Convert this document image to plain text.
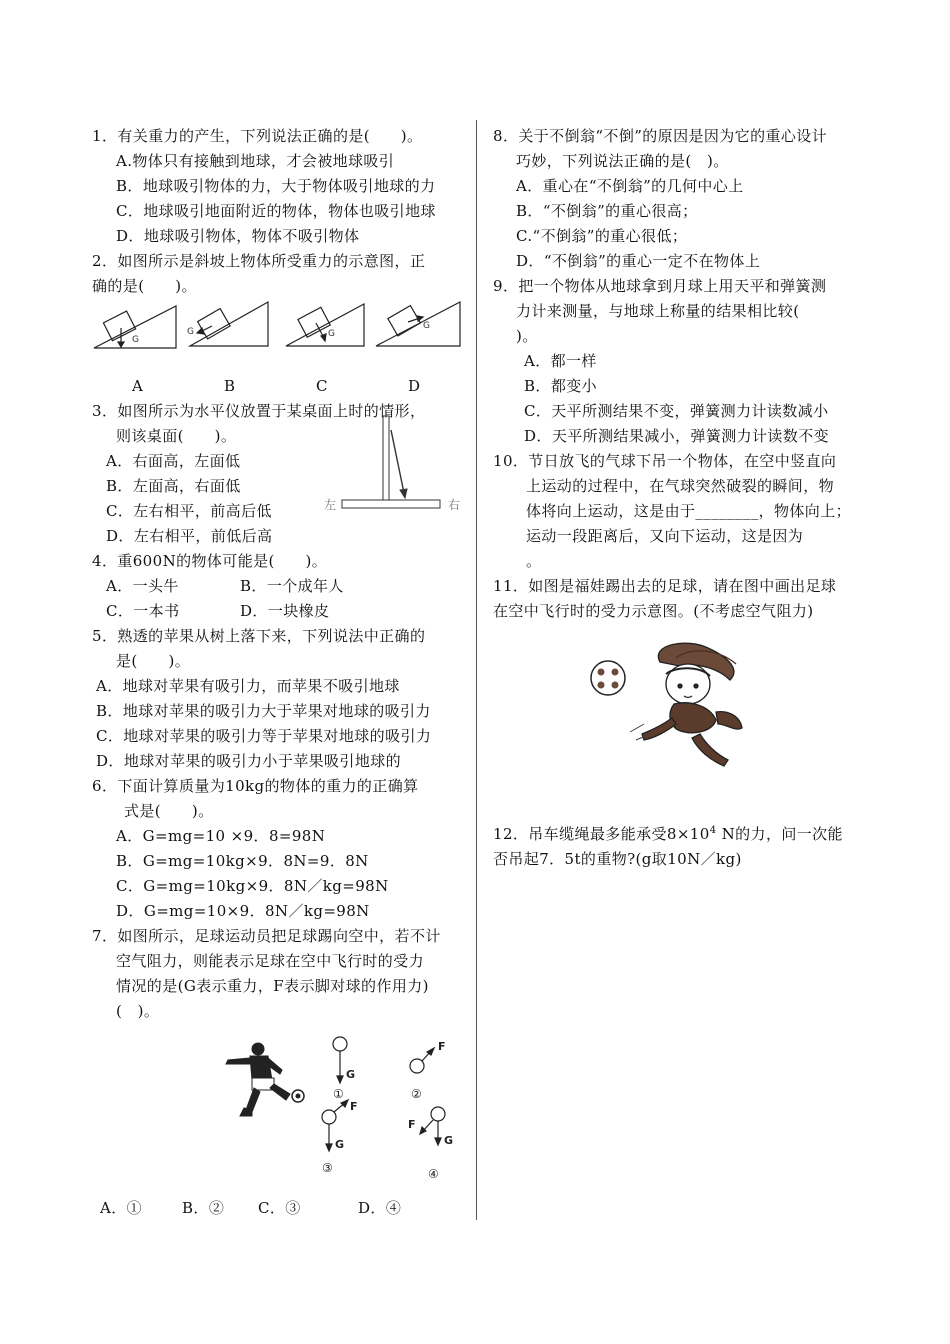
1．有关重力的产生，下列说法正确的是(　　)。
A.物体只有接触到地球，才会被地球吸引
B．地球吸引物体的力，大于物体吸引地球的力
C．地球吸引地面附近的物体，物体也吸引地球
D．地球吸引物体，物体不吸引物体
2．如图所示是斜坡上物体所受重力的示意图，正
确的是(　　)。
G
G	G
G
A	B	C	D
3．如图所示为水平仪放置于某桌面上时的情形，
则该桌面(　　)。
A．右面高，左面低
B．左面高，右面低
C．左右相平，前高后低
D．左右相平，前低后高
左	右
4．重600N的物体可能是(　　)。
A．一头牛	B．一个成年人
C．一本书	D．一块橡皮
5．熟透的苹果从树上落下来，下列说法中正确的
是(　　)。
A．地球对苹果有吸引力，而苹果不吸引地球
B．地球对苹果的吸引力大于苹果对地球的吸引力
C．地球对苹果的吸引力等于苹果对地球的吸引力
D．地球对苹果的吸引力小于苹果吸引地球的
6．下面计算质量为10kg的物体的重力的正确算
式是(　　)。
A．G=mg=10 ×9．8=98N
B．G=mg=10kg×9．8N=9．8N
C．G=mg=10kg×9．8N／kg=98N
D．G=mg=10×9．8N／kg=98N
7．如图所示，足球运动员把足球踢向空中，若不计
空气阻力，则能表示足球在空中飞行时的受力
情况的是(G表示重力，F表示脚对球的作用力)
(　)。
G
F
F
G
F
G
①	②
③	④
A．①	B．② C．③	D．④
8．关于不倒翁“不倒”的原因是因为它的重心设计
巧妙，下列说法正确的是(　)。
A．重心在“不倒翁”的几何中心上
B．“不倒翁”的重心很高；
C.“不倒翁”的重心很低；
D．“不倒翁”的重心一定不在物体上
9．把一个物体从地球拿到月球上用天平和弹簧测
力计来测量，与地球上称量的结果相比较(
)。
A．都一样
B．都变小
C．天平所测结果不变，弹簧测力计读数减小
D．天平所测结果减小，弹簧测力计读数不变
10．节日放飞的气球下吊一个物体，在空中竖直向
上运动的过程中，在气球突然破裂的瞬间，物
体将向上运动，这是由于________，物体向上；
运动一段距离后，又向下运动，这是因为
。
11．如图是福娃踢出去的足球，请在图中画出足球
在空中飞行时的受力示意图。(不考虑空气阻力)
12．吊车缆绳最多能承受$8\times 10^4$ N的力，问一次能
否吊起7．5t的重物?(g取10N／kg)
